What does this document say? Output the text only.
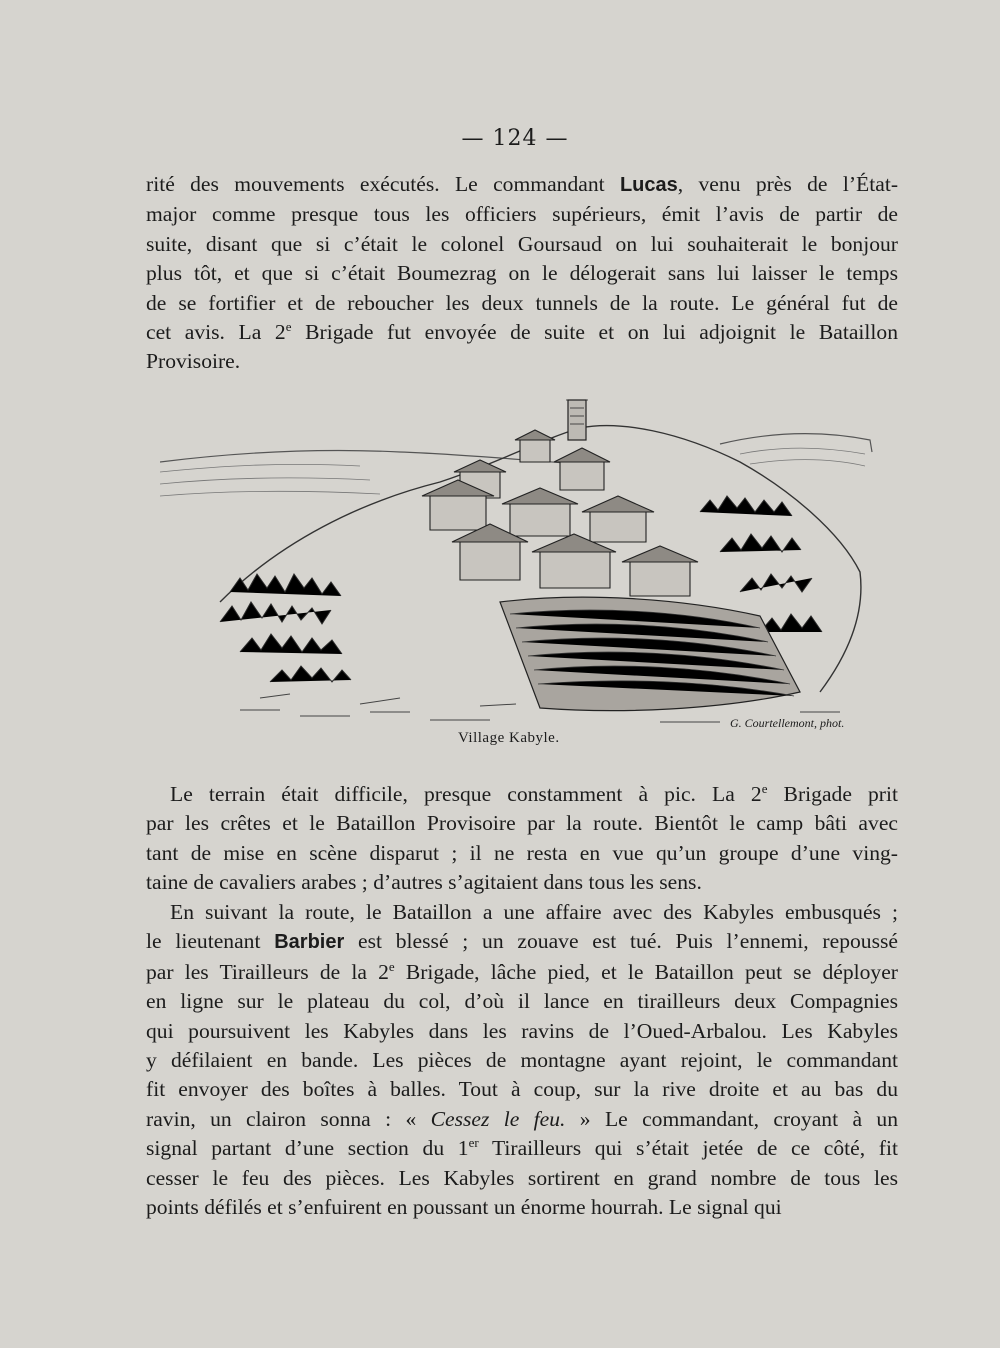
— 124 —

rité des mouvements exécutés. Le commandant Lucas, venu près de l’État-
major comme presque tous les officiers supérieurs, émit l’avis de partir de
suite, disant que si c’était le colonel Goursaud on lui souhaiterait le bonjour
plus tôt, et que si c’était Boumezrag on le délogerait sans lui laisser le temps
de se fortifier et de reboucher les deux tunnels de la route. Le général fut de
cet avis. La 2e Brigade fut envoyée de suite et on lui adjoignit le Bataillon
Provisoire.

Village Kabyle.
G. Courtellemont, phot.

Le terrain était difficile, presque constamment à pic. La 2e Brigade prit
par les crêtes et le Bataillon Provisoire par la route. Bientôt le camp bâti avec
tant de mise en scène disparut ; il ne resta en vue qu’un groupe d’une ving-
taine de cavaliers arabes ; d’autres s’agitaient dans tous les sens.

En suivant la route, le Bataillon a une affaire avec des Kabyles embusqués ;
le lieutenant Barbier est blessé ; un zouave est tué. Puis l’ennemi, repoussé
par les Tirailleurs de la 2e Brigade, lâche pied, et le Bataillon peut se déployer
en ligne sur le plateau du col, d’où il lance en tirailleurs deux Compagnies
qui poursuivent les Kabyles dans les ravins de l’Oued-Arbalou. Les Kabyles
y défilaient en bande. Les pièces de montagne ayant rejoint, le commandant
fit envoyer des boîtes à balles. Tout à coup, sur la rive droite et au bas du
ravin, un clairon sonna : « Cessez le feu. » Le commandant, croyant à un
signal partant d’une section du 1er Tirailleurs qui s’était jetée de ce côté, fit
cesser le feu des pièces. Les Kabyles sortirent en grand nombre de tous les
points défilés et s’enfuirent en poussant un énorme hourrah. Le signal qui
